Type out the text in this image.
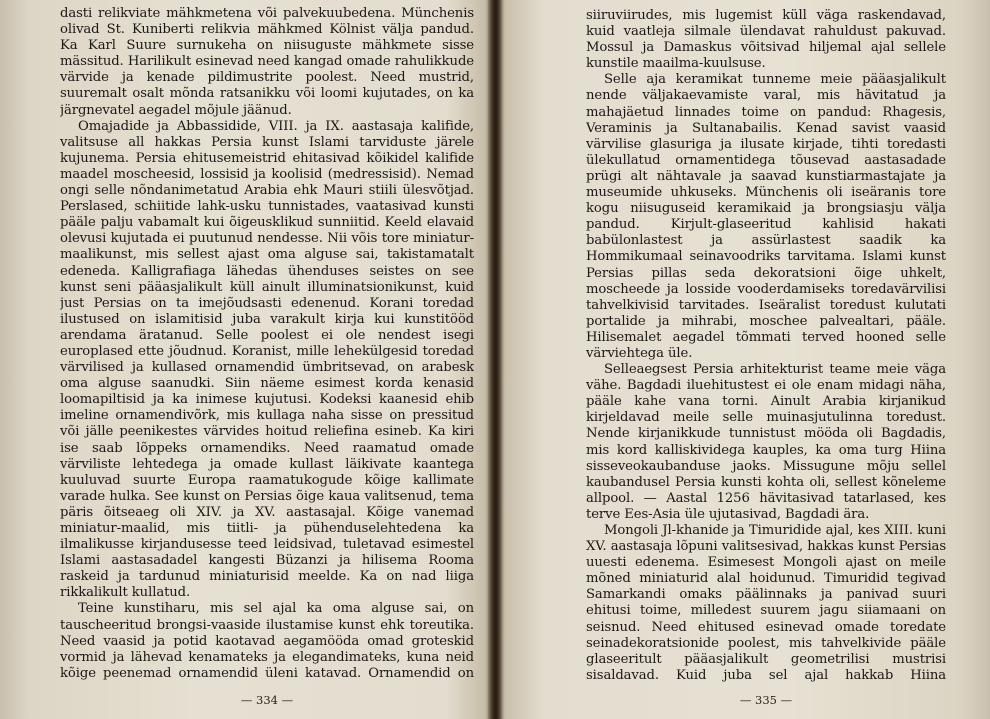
dasti relikviate mähkmetena või palvekuubedena. Münchenis olivad St. Kuniberti relikvia mähkmed Kölnist välja pandud. Ka Karl Suure surnukeha on niisuguste mähkmete sisse mässitud. Harilikult esinevad need kangad omade rahulikkude värvide ja kenade pildimustrite poolest. Need mustrid, suuremalt osalt mõnda ratsanikku või loomi kujutades, on ka järgnevatel aegadel mõjule jäänud.

Omajadide ja Abbassidide, VIII. ja IX. aastasaja kalifide, valitsuse all hakkas Persia kunst Islami tarviduste järele kujunema. Persia ehitusemeistrid ehitasivad kõikidel kalifide maadel moscheesid, lossisid ja koolisid (medressisid). Nemad ongi selle nõndanimetatud Arabia ehk Mauri stiili ülesvõtjad. Perslased, schiitide lahk-usku tunnistades, vaatasivad kunsti pääle palju vabamalt kui õigeusklikud sunniitid. Keeld elavaid olevusi kujutada ei puutunud nendesse. Nii võis tore miniatur-maalikunst, mis sellest ajast oma alguse sai, takistamatalt edeneda. Kalligrafiaga lähedas ühenduses seistes on see kunst seni pääasjalikult küll ainult illuminatsionikunst, kuid just Persias on ta imejõudsasti edenenud. Korani toredad ilustused on islamitisid juba varakult kirja kui kunstitööd arendama äratanud. Selle poolest ei ole nendest isegi europlased ette jõudnud. Koranist, mille lehekülgesid toredad värvilised ja kullased ornamendid ümbritsevad, on arabesk oma alguse saanudki. Siin näeme esimest korda kenasid loomapiltisid ja ka inimese kujutusi. Kodeksi kaanesid ehib imeline ornamendivõrk, mis kullaga naha sisse on pressitud või jälle peenikestes värvides hoitud reliefina esineb. Ka kiri ise saab lõppeks ornamendiks. Need raamatud omade värviliste lehtedega ja omade kullast läikivate kaantega kuuluvad suurte Europa raamatukogude kõige kallimate varade hulka. See kunst on Persias õige kaua valitsenud, tema päris õitseaeg oli XIV. ja XV. aastasajal. Kõige vanemad miniatur-maalid, mis tiitli- ja pühenduselehtedena ka ilmalikusse kirjandusesse teed leidsivad, tuletavad esimestel Islami aastasadadel kangesti Büzanzi ja hilisema Rooma raskeid ja tardunud miniaturisid meelde. Ka on nad liiga rikkalikult kullatud.

Teine kunstiharu, mis sel ajal ka oma alguse sai, on tauscheeritud brongsi-vaaside ilustamise kunst ehk toreutika. Need vaasid ja potid kaotavad aegamööda omad groteskid vormid ja lähevad kenamateks ja elegandimateks, kuna neid kõige peenemad ornamendid üleni katavad. Ornamendid on

— 334 —

siiruviirudes, mis lugemist küll väga raskendavad, kuid vaatleja silmale ülendavat rahuldust pakuvad. Mossul ja Damaskus võitsivad hiljemal ajal sellele kunstile maailma-kuulsuse.

Selle aja keramikat tunneme meie pääasjalikult nende väljakaevamiste varal, mis hävitatud ja mahajäetud linnades toime on pandud: Rhagesis, Veraminis ja Sultanabailis. Kenad savist vaasid värvilise glasuriga ja ilusate kirjade, tihti toredasti ülekullatud ornamentidega tõusevad aastasadade prügi alt nähtavale ja saavad kunstiarmastajate ja museumide uhkuseks. Münchenis oli iseäranis tore kogu niisuguseid keramikaid ja brongsiasju välja pandud. Kirjult-glaseeritud kahlisid hakati babülonlastest ja assürlastest saadik ka Hommikumaal seinavoodriks tarvitama. Islami kunst Persias pillas seda dekoratsioni õige uhkelt, moscheede ja losside vooderdamiseks toredavärvilisi tahvelkivisid tarvitades. Iseäralist toredust kulutati portalide ja mihrabi, moschee palvealtari, pääle. Hilisemalet aegadel tõmmati terved hooned selle värviehtega üle.

Selleaegsest Persia arhitekturist teame meie väga vähe. Bagdadi iluehitustest ei ole enam midagi näha, pääle kahe vana torni. Ainult Arabia kirjanikud kirjeldavad meile selle muinasjutulinna toredust. Nende kirjanikkude tunnistust mööda oli Bagdadis, mis kord kalliskividega kauples, ka oma turg Hiina sisseveokaubanduse jaoks. Missugune mõju sellel kaubandusel Persia kunsti kohta oli, sellest kõneleme allpool. — Aastal 1256 hävitasivad tatarlased, kes terve Ees-Asia üle ujutasivad, Bagdadi ära.

Mongoli Jl-khanide ja Timuridide ajal, kes XIII. kuni XV. aastasaja lõpuni valitsesivad, hakkas kunst Persias uuesti edenema. Esimesest Mongoli ajast on meile mõned miniaturid alal hoidunud. Timuridid tegivad Samarkandi omaks päälinnaks ja panivad suuri ehitusi toime, milledest suurem jagu siiamaani on seisnud. Need ehitused esinevad omade toredate seinadekoratsionide poolest, mis tahvelkivide pääle glaseeritult pääasjalikult geometrilisi mustrisi sisaldavad. Kuid juba sel ajal hakkab Hiina

— 335 —
